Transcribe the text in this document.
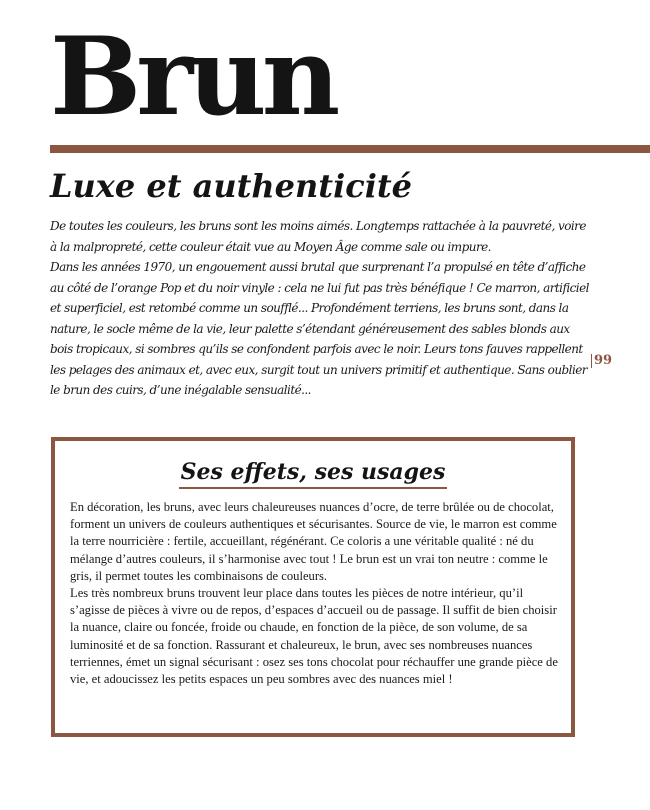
Brun
Luxe et authenticité

De toutes les couleurs, les bruns sont les moins aimés. Longtemps rattachée à la pauvreté, voire à la malpropreté, cette couleur était vue au Moyen Âge comme sale ou impure.

Dans les années 1970, un engouement aussi brutal que surprenant l’a propulsé en tête d’affiche au côté de l’orange Pop et du noir vinyle : cela ne lui fut pas très bénéfique ! Ce marron, artificiel et superficiel, est retombé comme un soufflé... Profondément terriens, les bruns sont, dans la nature, le socle même de la vie, leur palette s’étendant généreusement des sables blonds aux bois tropicaux, si sombres qu’ils se confondent parfois avec le noir. Leurs tons fauves rappellent les pelages des animaux et, avec eux, surgit tout un univers primitif et authentique. Sans oublier le brun des cuirs, d’une inégalable sensualité...

99
Ses effets, ses usages

En décoration, les bruns, avec leurs chaleureuses nuances d’ocre, de terre brûlée ou de chocolat, forment un univers de couleurs authentiques et sécurisantes. Source de vie, le marron est comme la terre nourricière : fertile, accueillant, régénérant. Ce coloris a une véritable qualité : né du mélange d’autres couleurs, il s’harmonise avec tout ! Le brun est un vrai ton neutre : comme le gris, il permet toutes les combinaisons de couleurs.

Les très nombreux bruns trouvent leur place dans toutes les pièces de notre intérieur, qu’il s’agisse de pièces à vivre ou de repos, d’espaces d’accueil ou de passage. Il suffit de bien choisir la nuance, claire ou foncée, froide ou chaude, en fonction de la pièce, de son volume, de sa luminosité et de sa fonction. Rassurant et chaleureux, le brun, avec ses nombreuses nuances terriennes, émet un signal sécurisant : osez ses tons chocolat pour réchauffer une grande pièce de vie, et adoucissez les petits espaces un peu sombres avec des nuances miel !
